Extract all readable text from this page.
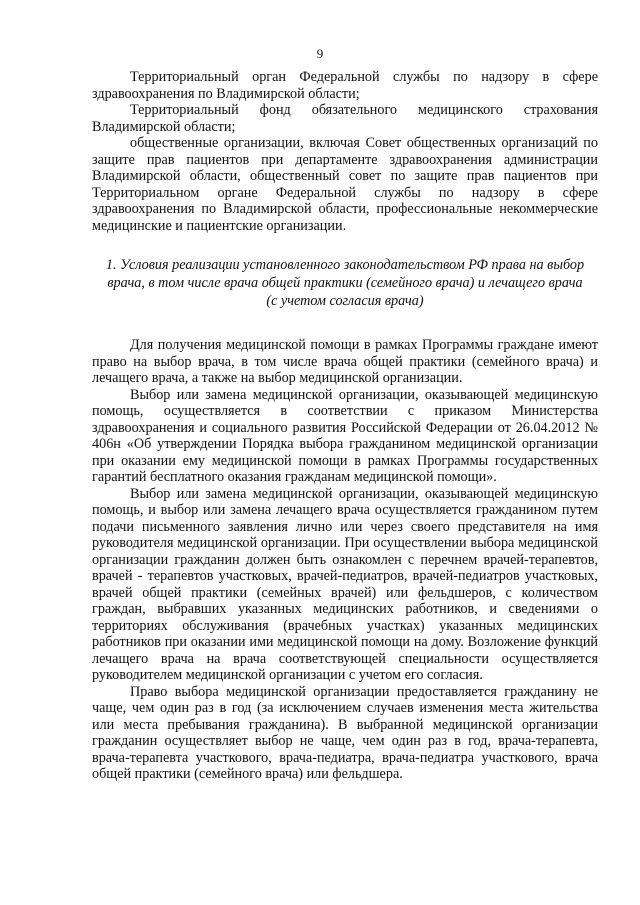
9

Территориальный орган Федеральной службы по надзору в сфере здравоохранения по Владимирской области;

Территориальный фонд обязательного медицинского страхования Владимирской области;

общественные организации, включая Совет общественных организаций по защите прав пациентов при департаменте здравоохранения администрации Владимирской области, общественный совет по защите прав пациентов при Территориальном органе Федеральной службы по надзору в сфере здравоохранения по Владимирской области, профессиональные некоммерческие медицинские и пациентские организации.

1. Условия реализации установленного законодательством РФ права на выбор врача, в том числе врача общей практики (семейного врача) и лечащего врача (с учетом согласия врача)

Для получения медицинской помощи в рамках Программы граждане имеют право на выбор врача, в том числе врача общей практики (семейного врача) и лечащего врача, а также на выбор медицинской организации.

Выбор или замена медицинской организации, оказывающей медицинскую помощь, осуществляется в соответствии с приказом Министерства здравоохранения и социального развития Российской Федерации от 26.04.2012 № 406н «Об утверждении Порядка выбора гражданином медицинской организации при оказании ему медицинской помощи в рамках Программы государственных гарантий бесплатного оказания гражданам медицинской помощи».

Выбор или замена медицинской организации, оказывающей медицинскую помощь, и выбор или замена лечащего врача осуществляется гражданином путем подачи письменного заявления лично или через своего представителя на имя руководителя медицинской организации. При осуществлении выбора медицинской организации гражданин должен быть ознакомлен с перечнем врачей-терапевтов, врачей - терапевтов участковых, врачей-педиатров, врачей-педиатров участковых, врачей общей практики (семейных врачей) или фельдшеров, с количеством граждан, выбравших указанных медицинских работников, и сведениями о территориях обслуживания (врачебных участках) указанных медицинских работников при оказании ими медицинской помощи на дому. Возложение функций лечащего врача на врача соответствующей специальности осуществляется руководителем медицинской организации с учетом его согласия.

Право выбора медицинской организации предоставляется гражданину не чаще, чем один раз в год (за исключением случаев изменения места жительства или места пребывания гражданина). В выбранной медицинской организации гражданин осуществляет выбор не чаще, чем один раз в год, врача-терапевта, врача-терапевта участкового, врача-педиатра, врача-педиатра участкового, врача общей практики (семейного врача) или фельдшера.
